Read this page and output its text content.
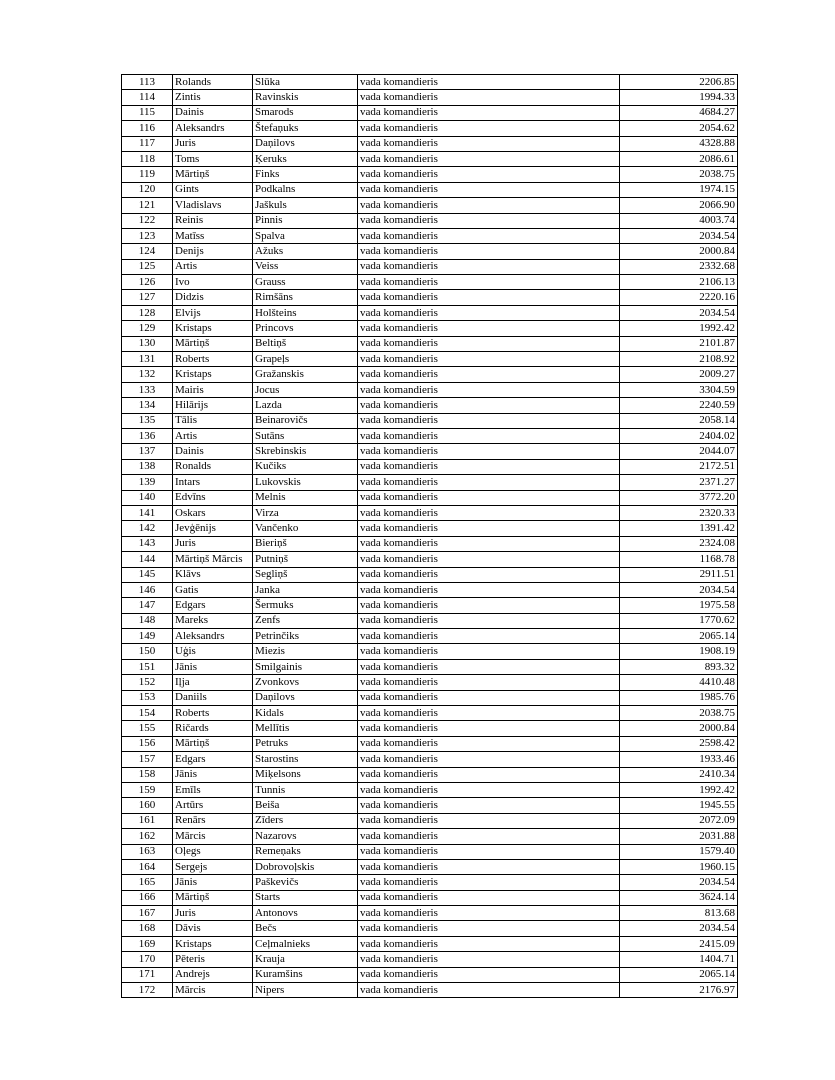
113	Rolands	Slūka	vada komandieris	2206.85
114	Zintis	Ravinskis	vada komandieris	1994.33
115	Dainis	Smarods	vada komandieris	4684.27
116	Aleksandrs	Štefaņuks	vada komandieris	2054.62
117	Juris	Daņilovs	vada komandieris	4328.88
118	Toms	Ķeruks	vada komandieris	2086.61
119	Mārtiņš	Finks	vada komandieris	2038.75
120	Gints	Podkalns	vada komandieris	1974.15
121	Vladislavs	Jaškuls	vada komandieris	2066.90
122	Reinis	Pinnis	vada komandieris	4003.74
123	Matīss	Spalva	vada komandieris	2034.54
124	Denijs	Ažuks	vada komandieris	2000.84
125	Artis	Veiss	vada komandieris	2332.68
126	Ivo	Grauss	vada komandieris	2106.13
127	Didzis	Rimšāns	vada komandieris	2220.16
128	Elvijs	Holšteins	vada komandieris	2034.54
129	Kristaps	Princovs	vada komandieris	1992.42
130	Mārtiņš	Beltiņš	vada komandieris	2101.87
131	Roberts	Grapeļs	vada komandieris	2108.92
132	Kristaps	Gražanskis	vada komandieris	2009.27
133	Mairis	Jocus	vada komandieris	3304.59
134	Hilārijs	Lazda	vada komandieris	2240.59
135	Tālis	Beinarovičs	vada komandieris	2058.14
136	Artis	Sutāns	vada komandieris	2404.02
137	Dainis	Skrebinskis	vada komandieris	2044.07
138	Ronalds	Kučiks	vada komandieris	2172.51
139	Intars	Lukovskis	vada komandieris	2371.27
140	Edvīns	Melnis	vada komandieris	3772.20
141	Oskars	Virza	vada komandieris	2320.33
142	Jevģēnijs	Vančenko	vada komandieris	1391.42
143	Juris	Bieriņš	vada komandieris	2324.08
144	Mārtiņš Mārcis	Putniņš	vada komandieris	1168.78
145	Klāvs	Segliņš	vada komandieris	2911.51
146	Gatis	Janka	vada komandieris	2034.54
147	Edgars	Šermuks	vada komandieris	1975.58
148	Mareks	Zenfs	vada komandieris	1770.62
149	Aleksandrs	Petrinčiks	vada komandieris	2065.14
150	Uģis	Miezis	vada komandieris	1908.19
151	Jānis	Smilgainis	vada komandieris	893.32
152	Iļja	Zvonkovs	vada komandieris	4410.48
153	Daniils	Daņilovs	vada komandieris	1985.76
154	Roberts	Kidals	vada komandieris	2038.75
155	Ričards	Mellītis	vada komandieris	2000.84
156	Mārtiņš	Petruks	vada komandieris	2598.42
157	Edgars	Starostins	vada komandieris	1933.46
158	Jānis	Miķelsons	vada komandieris	2410.34
159	Emīls	Tunnis	vada komandieris	1992.42
160	Artūrs	Beiša	vada komandieris	1945.55
161	Renārs	Zīders	vada komandieris	2072.09
162	Mārcis	Nazarovs	vada komandieris	2031.88
163	Oļegs	Remeņaks	vada komandieris	1579.40
164	Sergejs	Dobrovoļskis	vada komandieris	1960.15
165	Jānis	Paškevičs	vada komandieris	2034.54
166	Mārtiņš	Starts	vada komandieris	3624.14
167	Juris	Antonovs	vada komandieris	813.68
168	Dāvis	Bečs	vada komandieris	2034.54
169	Kristaps	Ceļmalnieks	vada komandieris	2415.09
170	Pēteris	Krauja	vada komandieris	1404.71
171	Andrejs	Kuramšins	vada komandieris	2065.14
172	Mārcis	Nipers	vada komandieris	2176.97
